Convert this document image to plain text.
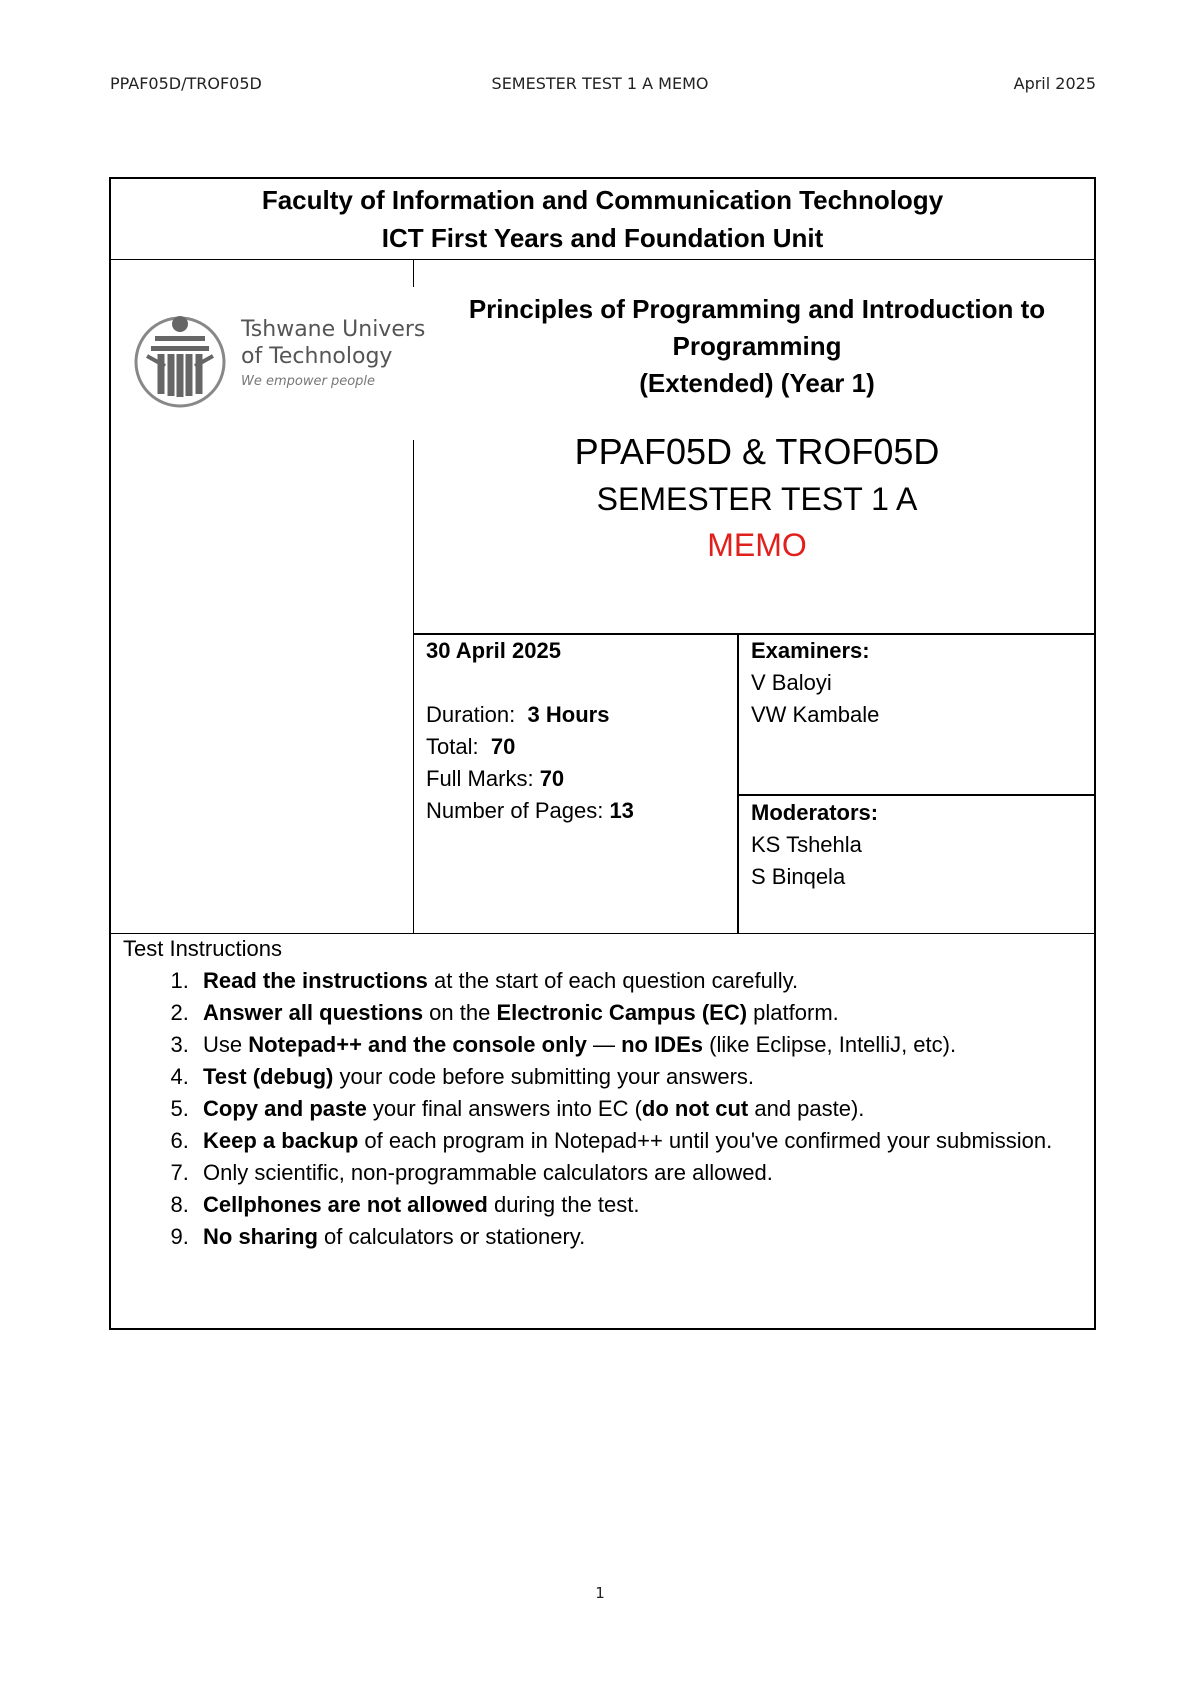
PPAF05D/TROF05D	SEMESTER TEST 1 A MEMO	April 2025
Faculty of Information and Communication Technology
ICT First Years and Foundation Unit
Tshwane Univers
of Technology
We empower people
Principles of Programming and Introduction to
Programming
(Extended) (Year 1)
PPAF05D & TROF05D
SEMESTER TEST 1 A
MEMO
30 April 2025

Duration: 3 Hours
Total: 70
Full Marks: 70
Number of Pages: 13
Examiners:
V Baloyi
VW Kambale
Moderators:
KS Tshehla
S Binqela
Test Instructions
1. Read the instructions at the start of each question carefully.
2. Answer all questions on the Electronic Campus (EC) platform.
3. Use Notepad++ and the console only — no IDEs (like Eclipse, IntelliJ, etc).
4. Test (debug) your code before submitting your answers.
5. Copy and paste your final answers into EC (do not cut and paste).
6. Keep a backup of each program in Notepad++ until you've confirmed your submission.
7. Only scientific, non-programmable calculators are allowed.
8. Cellphones are not allowed during the test.
9. No sharing of calculators or stationery.
1
